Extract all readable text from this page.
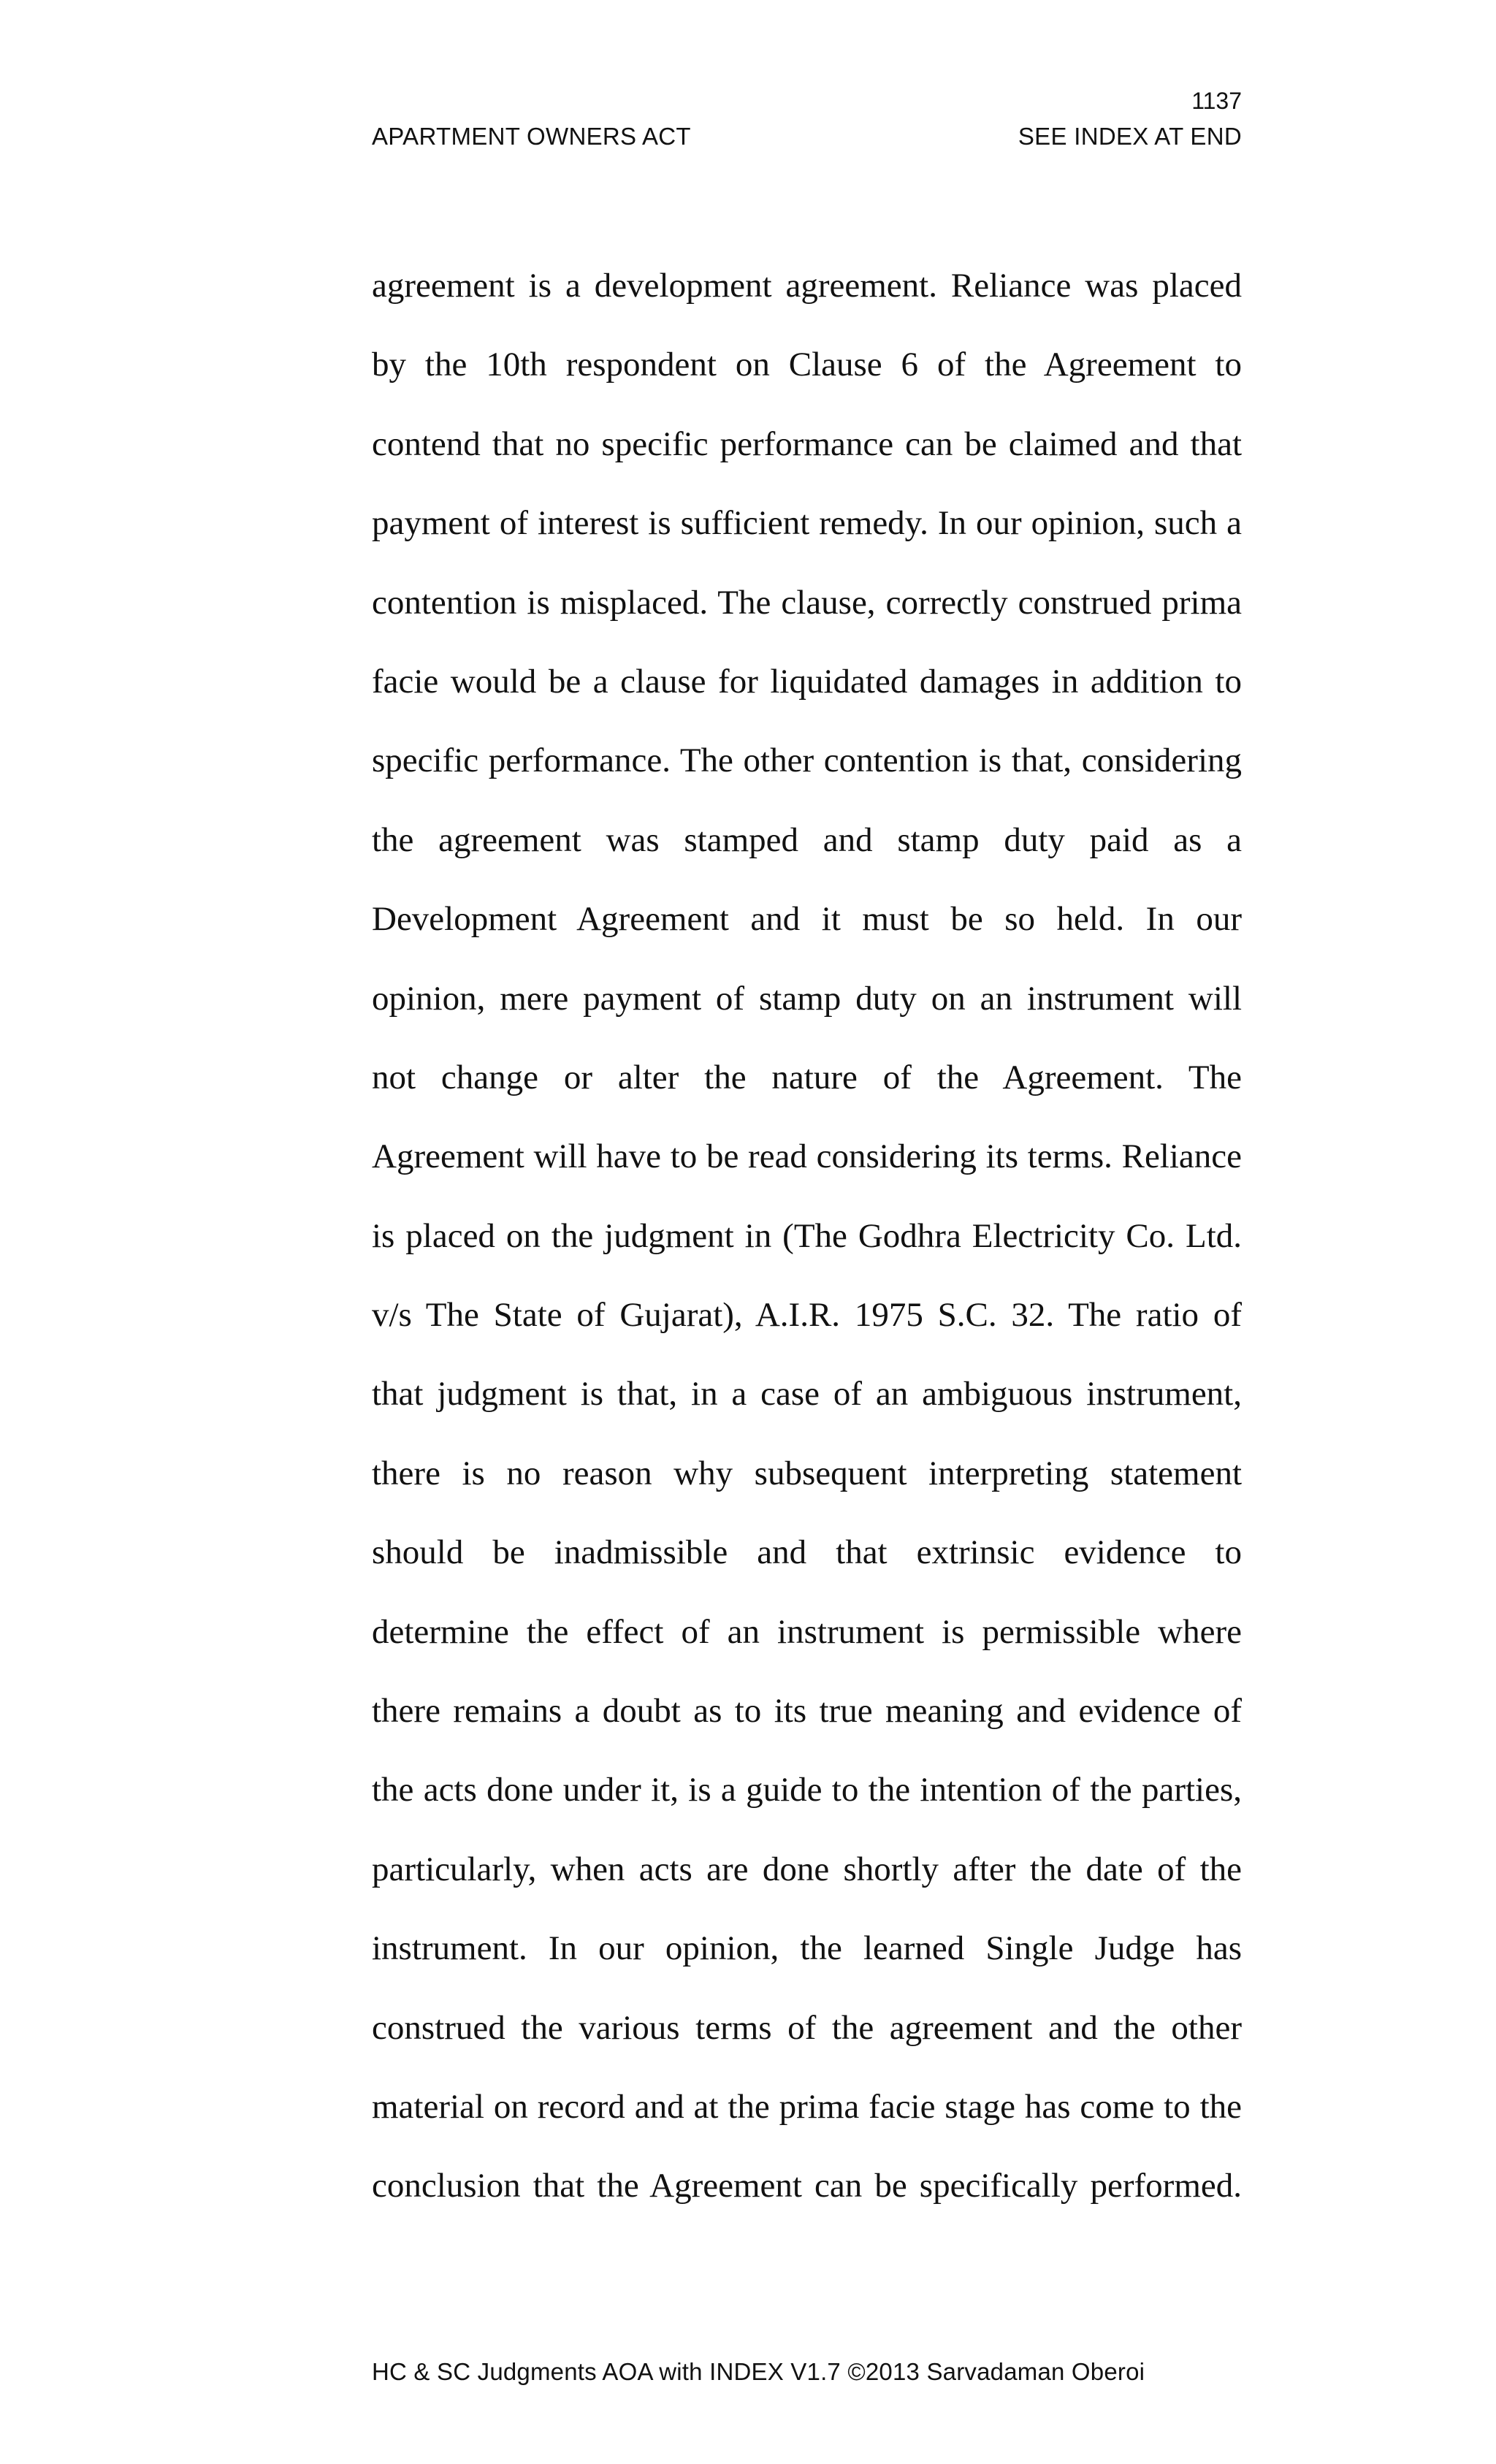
1137
APARTMENT OWNERS ACT	SEE INDEX AT END
agreement is a development agreement. Reliance was placed
by the 10th respondent on Clause 6 of the Agreement to
contend that no specific performance can be claimed and that
payment of interest is sufficient remedy. In our opinion, such a
contention is misplaced. The clause, correctly construed prima
facie would be a clause for liquidated damages in addition to
specific performance. The other contention is that, considering
the agreement was stamped and stamp duty paid as a
Development Agreement and it must be so held. In our
opinion, mere payment of stamp duty on an instrument will
not change or alter the nature of the Agreement. The
Agreement will have to be read considering its terms. Reliance
is placed on the judgment in (The Godhra Electricity Co. Ltd.
v/s The State of Gujarat), A.I.R. 1975 S.C. 32. The ratio of
that judgment is that, in a case of an ambiguous instrument,
there is no reason why subsequent interpreting statement
should be inadmissible and that extrinsic evidence to
determine the effect of an instrument is permissible where
there remains a doubt as to its true meaning and evidence of
the acts done under it, is a guide to the intention of the parties,
particularly, when acts are done shortly after the date of the
instrument. In our opinion, the learned Single Judge has
construed the various terms of the agreement and the other
material on record and at the prima facie stage has come to the
conclusion that the Agreement can be specifically performed.
HC & SC Judgments AOA with INDEX V1.7 ©2013 Sarvadaman Oberoi
